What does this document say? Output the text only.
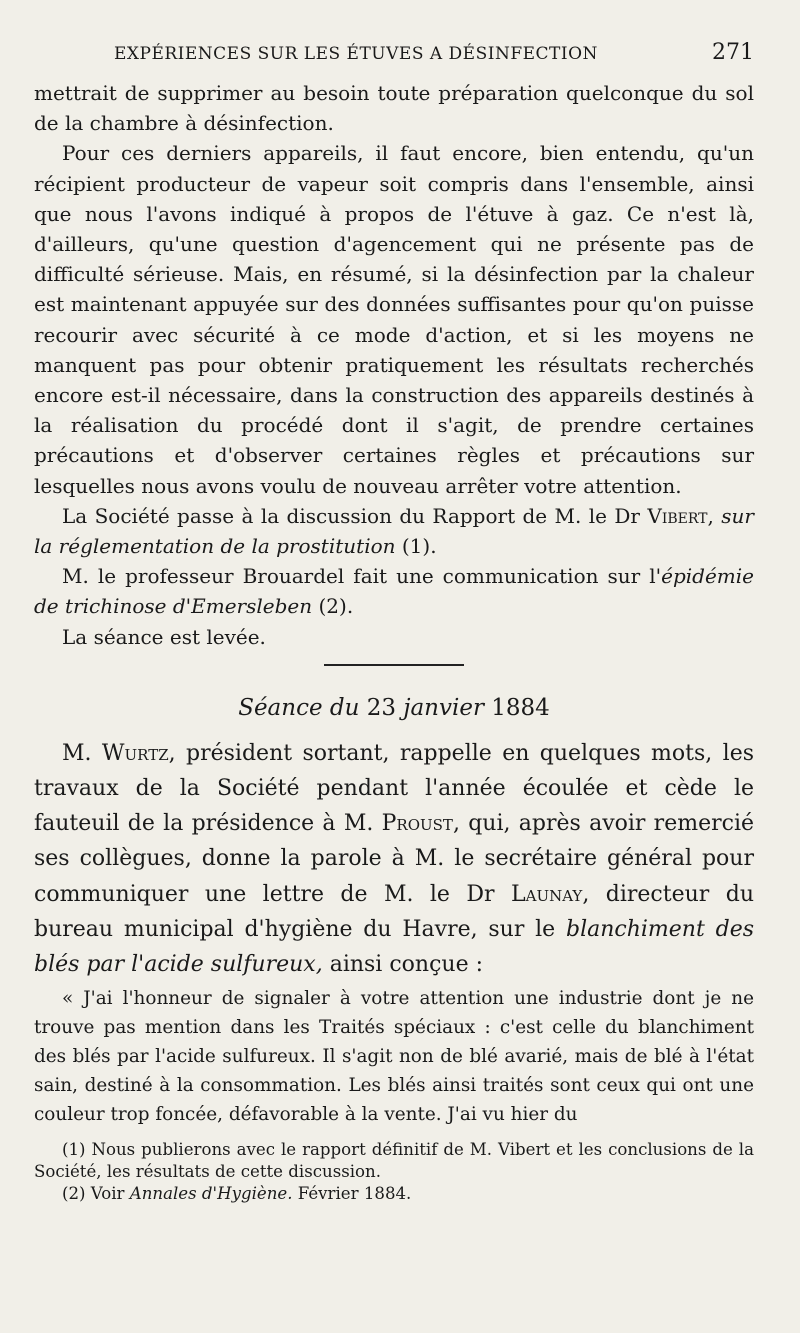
EXPÉRIENCES SUR LES ÉTUVES A DÉSINFECTION	271

mettrait de supprimer au besoin toute préparation quelconque du sol de la chambre à désinfection.

Pour ces derniers appareils, il faut encore, bien entendu, qu'un récipient producteur de vapeur soit compris dans l'ensemble, ainsi que nous l'avons indiqué à propos de l'étuve à gaz. Ce n'est là, d'ailleurs, qu'une question d'agencement qui ne présente pas de difficulté sérieuse. Mais, en résumé, si la désinfection par la chaleur est maintenant appuyée sur des données suffisantes pour qu'on puisse recourir avec sécurité à ce mode d'action, et si les moyens ne manquent pas pour obtenir pratiquement les résultats recherchés encore est-il nécessaire, dans la construction des appareils destinés à la réalisation du procédé dont il s'agit, de prendre certaines précautions et d'observer certaines règles et précautions sur lesquelles nous avons voulu de nouveau arrêter votre attention.

La Société passe à la discussion du Rapport de M. le Dr Vibert, sur la réglementation de la prostitution (1).

M. le professeur Brouardel fait une communication sur l'épidémie de trichinose d'Emersleben (2).

La séance est levée.

Séance du 23 janvier 1884

M. Wurtz, président sortant, rappelle en quelques mots, les travaux de la Société pendant l'année écoulée et cède le fauteuil de la présidence à M. Proust, qui, après avoir remercié ses collègues, donne la parole à M. le secrétaire général pour communiquer une lettre de M. le Dr Launay, directeur du bureau municipal d'hygiène du Havre, sur le blanchiment des blés par l'acide sulfureux, ainsi conçue :

« J'ai l'honneur de signaler à votre attention une industrie dont je ne trouve pas mention dans les Traités spéciaux : c'est celle du blanchiment des blés par l'acide sulfureux. Il s'agit non de blé avarié, mais de blé à l'état sain, destiné à la consommation. Les blés ainsi traités sont ceux qui ont une couleur trop foncée, défavorable à la vente. J'ai vu hier du

(1) Nous publierons avec le rapport définitif de M. Vibert et les conclusions de la Société, les résultats de cette discussion.

(2) Voir Annales d'Hygiène. Février 1884.
